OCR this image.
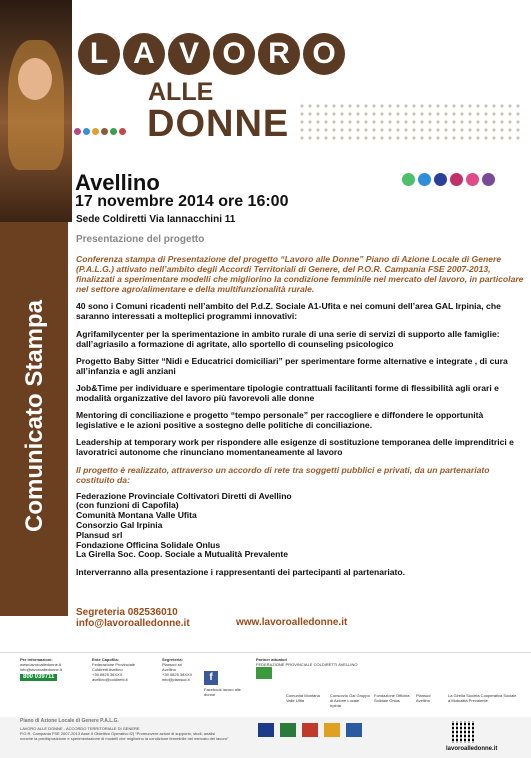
L A V O R O
ALLE
DONNE
Avellino
17 novembre 2014 ore 16:00
Sede Coldiretti Via Iannacchini 11
Presentazione del progetto
Comunicato Stampa

Conferenza stampa di Presentazione del progetto “Lavoro alle Donne” Piano di Azione Locale di Genere (P.A.L.G.) attivato nell’ambito degli Accordi Territoriali di Genere, del P.O.R. Campania FSE 2007-2013, finalizzati a sperimentare modelli che migliorino la condizione femminile nel mercato del lavoro, in particolare nel settore agro/alimentare e della multifunzionalità rurale.

40 sono i Comuni ricadenti nell’ambito del P.d.Z. Sociale A1-Ufita e nei comuni dell’area GAL Irpinia, che saranno interessati a molteplici programmi innovativi:

Agrifamilycenter per la sperimentazione in ambito rurale di una serie di servizi di supporto alle famiglie: dall’agriasilo a formazione di agritate, allo sportello di counseling psicologico

Progetto Baby Sitter “Nidi e Educatrici domiciliari” per sperimentare forme alternative e integrate , di cura all’infanzia e agli anziani

Job&Time per individuare e sperimentare tipologie contrattuali facilitanti forme di flessibilità agli orari e modalità organizzative del lavoro più favorevoli alle donne

Mentoring di conciliazione e progetto “tempo personale” per raccogliere e diffondere le opportunità legislative e le azioni positive a sostegno delle politiche di conciliazione.

Leadership at temporary work per rispondere alle esigenze di sostituzione temporanea delle imprenditrici e lavoratrici autonome che rinunciano momentaneamente al lavoro

Il progetto è realizzato, attraverso un accordo di rete tra soggetti pubblici e privati, da un partenariato costituito da:

Federazione Provinciale Coltivatori Diretti di Avellino
(con funzioni di Capofila)
Comunità Montana Valle Ufita
Consorzio Gal Irpinia
Plansud srl
Fondazione Officina Solidale Onlus
La Girella Soc. Coop. Sociale a Mutualità Prevalente

Interverranno alla presentazione i rappresentanti dei partecipanti al partenariato.

Segreteria 082536010
info@lavoroalledonne.it	www.lavoroalledonne.it
Per informazioni:
www.lavoroalledonne.it
info@lavoroalledonne.it
800 039711
Ente Capofila:
Federazione Provinciale
Coldiretti Avellino
+39.0825.36XXX
avellino@coldiretti.it
Segreteria:
Plansud srl
Avellino
+39.0825.38XXX
info@plansud.it	f
Facebook lavoro alle donne
Partner attuatori
FEDERAZIONE PROVINCIALE COLDIRETTI AVELLINO
Comunità Montana Valle Ufita
Consorzio Gal Gruppo di Azione Locale Irpinia
Fondazione Officina Solidale Onlus
Plansud Avellino
La Girella Società Cooperativa Sociale a Mutualità Prevalente
Piano di Azione Locale di Genere P.A.L.G.
LAVORO ALLE DONNE - ACCORDO TERRITORIALE DI GENERE
P.O.R. Campania FSE 2007-2013 Asse II Obiettivo Operativo f2) “Promuovere azioni di supporto, studi, analisi
nonché la predisposizione e sperimentazione di modelli che migliorino la condizione femminile nel mercato del lavoro”
lavoroalledonne.it
